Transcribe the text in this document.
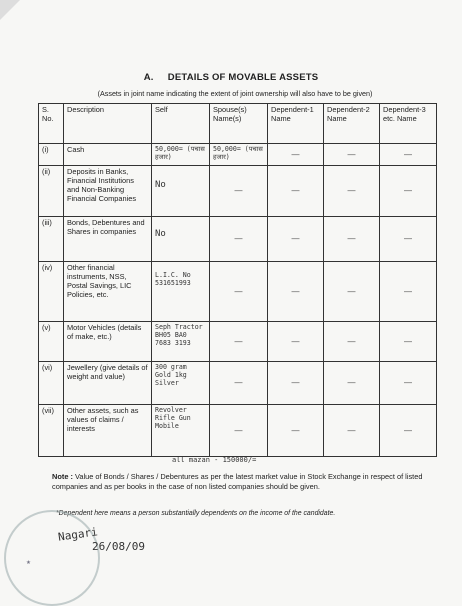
A. DETAILS OF MOVABLE ASSETS
(Assets in joint name indicating the extent of joint ownership will also have to be given)
S. No.	Description	Self	Spouse(s) Name(s)	Dependent-1 Name	Dependent-2 Name	Dependent-3 etc. Name
(i)	Cash	50,000= (पचास हजार)	50,000= (पचास हजार)	—	—	—
(ii)	Deposits in Banks, Financial Institutions and Non-Banking Financial Companies	No	—	—	—	—
(iii)	Bonds, Debentures and Shares in companies	No	—	—	—	—
(iv)	Other financial instruments, NSS, Postal Savings, LIC Policies, etc.	L.I.C. No 531651993	—	—	—	—
(v)	Motor Vehicles (details of make, etc.)	Seph Tractor BH05 BA0 7683 3193	—	—	—	—
(vi)	Jewellery (give details of weight and value)	300 gram Gold 1kg Silver	—	—	—	—
(vii)	Other assets, such as values of claims / interests	Revolver Rifle Gun Mobile	—	—	—	—
all mazan - 150000/=
Note : Value of Bonds / Shares / Debentures as per the latest market value in Stock Exchange in respect of listed companies and as per books in the case of non listed companies should be given.
*Dependent here means a person substantially dependents on the income of the candidate.
★
Nagari
26/08/09
